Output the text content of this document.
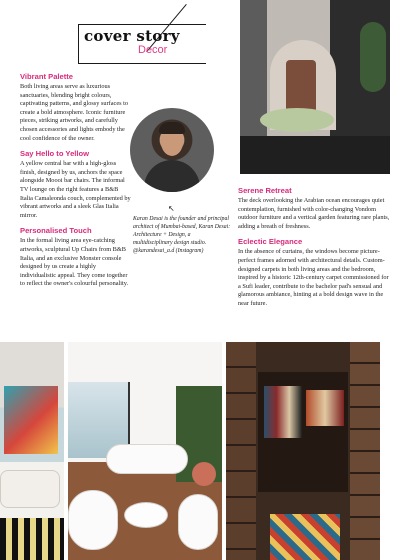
cover story
Decor
Vibrant Palette

Both living areas serve as luxurious sanctuaries, blending bright colours, captivating patterns, and glossy surfaces to create a bold atmosphere. Iconic furniture pieces, striking artworks, and carefully chosen accessories and lights embody the cool confidence of the owner.

Say Hello to Yellow

A yellow central bar with a high-gloss finish, designed by us, anchors the space alongside Moooi bar chairs. The informal TV lounge on the right features a B&B Italia Camaleonda couch, complemented by vibrant artworks and a sleek Glas Italia mirror.

Personalised Touch

In the formal living area eye-catching artworks, sculptural Up Chairs from B&B Italia, and an exclusive Monster console designed by us create a highly individualistic appeal. They come together to reflect the owner's colourful personality.

↖

Karan Desai is the founder and principal architect of Mumbai-based, Karan Desai: Architecture + Design, a multidisciplinary design studio. @karandesai_a.d (Instagram)

Serene Retreat

The deck overlooking the Arabian ocean encourages quiet contemplation, furnished with color-changing Vondom outdoor furniture and a vertical garden featuring rare plants, adding a breath of freshness.

Eclectic Elegance

In the absence of curtains, the windows become picture-perfect frames adorned with architectural details. Custom-designed carpets in both living areas and the bedroom, inspired by a historic 12th-century carpet commissioned for a Sufi leader, contribute to the bachelor pad's sensual and glamorous ambiance, hinting at a bold design wave in the near future.
